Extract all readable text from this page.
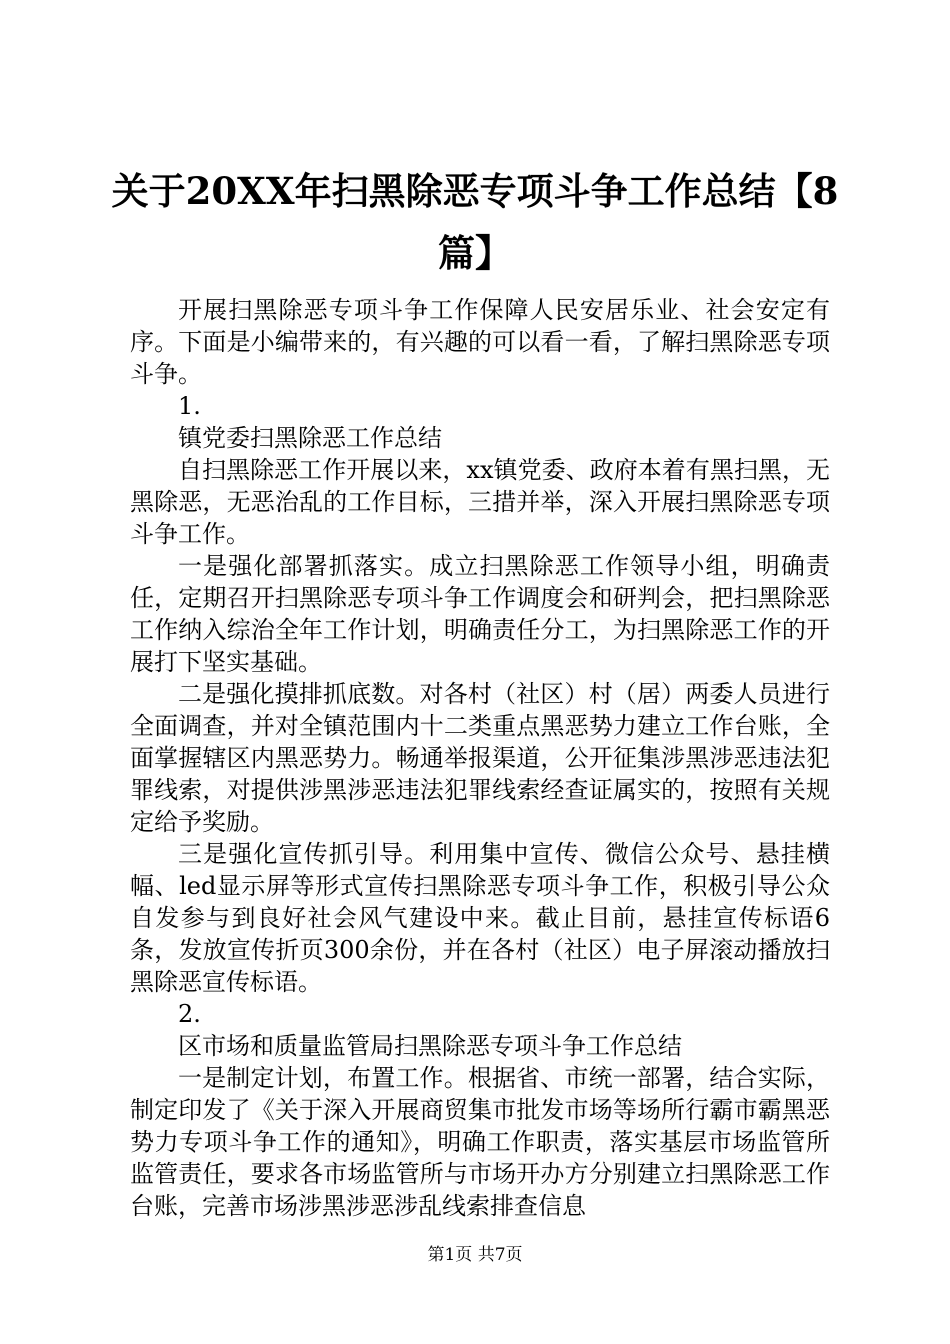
关于20XX年扫黑除恶专项斗争工作总结【8
篇】

开展扫黑除恶专项斗争工作保障人民安居乐业、社会安定有序。下面是小编带来的，有兴趣的可以看一看，了解扫黑除恶专项斗争。

1.

镇党委扫黑除恶工作总结

自扫黑除恶工作开展以来，xx镇党委、政府本着有黑扫黑，无黑除恶，无恶治乱的工作目标，三措并举，深入开展扫黑除恶专项斗争工作。

一是强化部署抓落实。成立扫黑除恶工作领导小组，明确责任，定期召开扫黑除恶专项斗争工作调度会和研判会，把扫黑除恶工作纳入综治全年工作计划，明确责任分工，为扫黑除恶工作的开展打下坚实基础。

二是强化摸排抓底数。对各村（社区）村（居）两委人员进行全面调查，并对全镇范围内十二类重点黑恶势力建立工作台账，全面掌握辖区内黑恶势力。畅通举报渠道，公开征集涉黑涉恶违法犯罪线索，对提供涉黑涉恶违法犯罪线索经查证属实的，按照有关规定给予奖励。

三是强化宣传抓引导。利用集中宣传、微信公众号、悬挂横幅、led显示屏等形式宣传扫黑除恶专项斗争工作，积极引导公众自发参与到良好社会风气建设中来。截止目前，悬挂宣传标语6条，发放宣传折页300余份，并在各村（社区）电子屏滚动播放扫黑除恶宣传标语。

2.

区市场和质量监管局扫黑除恶专项斗争工作总结

一是制定计划，布置工作。根据省、市统一部署，结合实际，制定印发了《关于深入开展商贸集市批发市场等场所行霸市霸黑恶势力专项斗争工作的通知》，明确工作职责，落实基层市场监管所监管责任，要求各市场监管所与市场开办方分别建立扫黑除恶工作台账，完善市场涉黑涉恶涉乱线索排查信息

第1页 共7页
